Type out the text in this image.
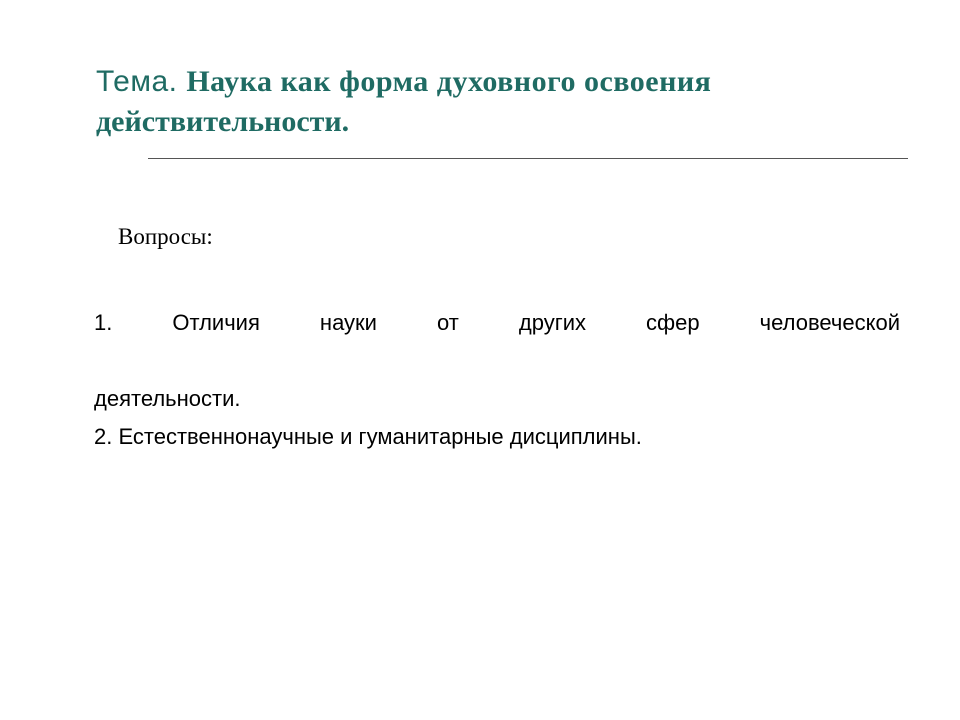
Тема. Наука как форма духовного освоения
действительности.
Вопросы:
1. Отличия науки от других сфер человеческой
деятельности.
2. Естественнонаучные и гуманитарные дисциплины.
